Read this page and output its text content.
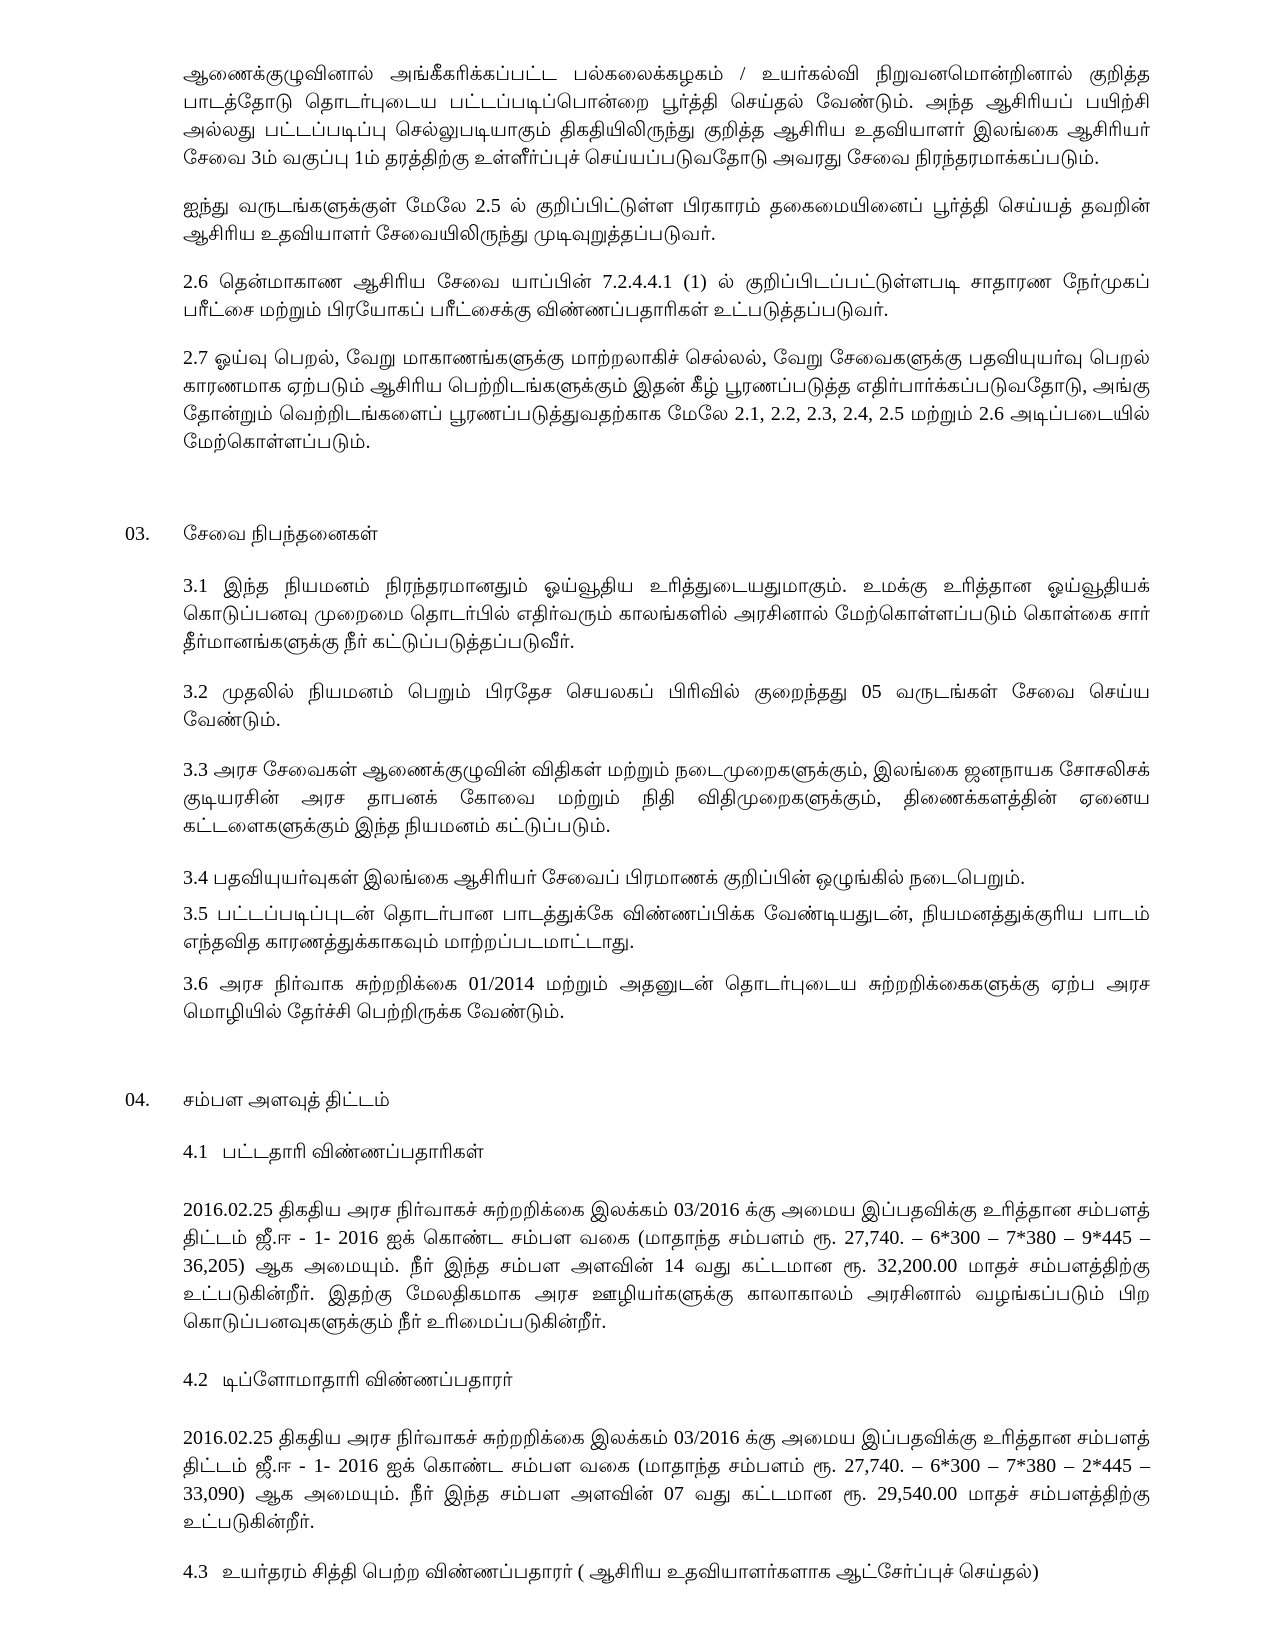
ஆணைக்குழுவினால் அங்கீகரிக்கப்பட்ட பல்கலைக்கழகம் / உயர்கல்வி நிறுவனமொன்றினால் குறித்த பாடத்தோடு தொடர்புடைய பட்டப்படிப்பொன்றை பூர்த்தி செய்தல் வேண்டும். அந்த ஆசிரியப் பயிற்சி அல்லது பட்டப்படிப்பு செல்லுபடியாகும் திகதியிலிருந்து குறித்த ஆசிரிய உதவியாளர் இலங்கை ஆசிரியர் சேவை 3ம் வகுப்பு 1ம் தரத்திற்கு உள்ளீர்ப்புச் செய்யப்படுவதோடு அவரது சேவை நிரந்தரமாக்கப்படும்.

ஐந்து வருடங்களுக்குள் மேலே 2.5 ல் குறிப்பிட்டுள்ள பிரகாரம் தகைமையினைப் பூர்த்தி செய்யத் தவறின் ஆசிரிய உதவியாளர் சேவையிலிருந்து முடிவுறுத்தப்படுவர்.

2.6 தென்மாகாண ஆசிரிய சேவை யாப்பின் 7.2.4.4.1 (1) ல் குறிப்பிடப்பட்டுள்ளபடி சாதாரண நேர்முகப் பரீட்சை மற்றும் பிரயோகப் பரீட்சைக்கு விண்ணப்பதாரிகள் உட்படுத்தப்படுவர்.

2.7 ஓய்வு பெறல், வேறு மாகாணங்களுக்கு மாற்றலாகிச் செல்லல், வேறு சேவைகளுக்கு பதவியுயர்வு பெறல் காரணமாக ஏற்படும் ஆசிரிய பெற்றிடங்களுக்கும் இதன் கீழ் பூரணப்படுத்த எதிர்பார்க்கப்படுவதோடு, அங்கு தோன்றும் வெற்றிடங்களைப் பூரணப்படுத்துவதற்காக மேலே 2.1, 2.2, 2.3, 2.4, 2.5 மற்றும் 2.6 அடிப்படையில் மேற்கொள்ளப்படும்.

03. சேவை நிபந்தனைகள்

3.1 இந்த நியமனம் நிரந்தரமானதும் ஓய்வூதிய உரித்துடையதுமாகும். உமக்கு உரித்தான ஓய்வூதியக் கொடுப்பனவு முறைமை தொடர்பில் எதிர்வரும் காலங்களில் அரசினால் மேற்கொள்ளப்படும் கொள்கை சார் தீர்மானங்களுக்கு நீர் கட்டுப்படுத்தப்படுவீர்.

3.2 முதலில் நியமனம் பெறும் பிரதேச செயலகப் பிரிவில் குறைந்தது 05 வருடங்கள் சேவை செய்ய வேண்டும்.

3.3 அரச சேவைகள் ஆணைக்குழுவின் விதிகள் மற்றும் நடைமுறைகளுக்கும், இலங்கை ஜனநாயக சோசலிசக் குடியரசின் அரச தாபனக் கோவை மற்றும் நிதி விதிமுறைகளுக்கும், திணைக்களத்தின் ஏனைய கட்டளைகளுக்கும் இந்த நியமனம் கட்டுப்படும்.

3.4 பதவியுயர்வுகள் இலங்கை ஆசிரியர் சேவைப் பிரமாணக் குறிப்பின் ஒழுங்கில் நடைபெறும்.

3.5 பட்டப்படிப்புடன் தொடர்பான பாடத்துக்கே விண்ணப்பிக்க வேண்டியதுடன், நியமனத்துக்குரிய பாடம் எந்தவித காரணத்துக்காகவும் மாற்றப்படமாட்டாது.

3.6 அரச நிர்வாக சுற்றறிக்கை 01/2014 மற்றும் அதனுடன் தொடர்புடைய சுற்றறிக்கைகளுக்கு ஏற்ப அரச மொழியில் தேர்ச்சி பெற்றிருக்க வேண்டும்.

04. சம்பள அளவுத் திட்டம்
4.1 பட்டதாரி விண்ணப்பதாரிகள்

2016.02.25 திகதிய அரச நிர்வாகச் சுற்றறிக்கை இலக்கம் 03/2016 க்கு அமைய இப்பதவிக்கு உரித்தான சம்பளத் திட்டம் ஜீ.ஈ - 1- 2016 ஐக் கொண்ட சம்பள வகை (மாதாந்த சம்பளம் ரூ. 27,740. – 6*300 – 7*380 – 9*445 –36,205) ஆக அமையும். நீர் இந்த சம்பள அளவின் 14 வது கட்டமான ரூ. 32,200.00 மாதச் சம்பளத்திற்கு உட்படுகின்றீர். இதற்கு மேலதிகமாக அரச ஊழியர்களுக்கு காலாகாலம் அரசினால் வழங்கப்படும் பிற கொடுப்பனவுகளுக்கும் நீர் உரிமைப்படுகின்றீர்.

4.2 டிப்ளோமாதாரி விண்ணப்பதாரர்

2016.02.25 திகதிய அரச நிர்வாகச் சுற்றறிக்கை இலக்கம் 03/2016 க்கு அமைய இப்பதவிக்கு உரித்தான சம்பளத் திட்டம் ஜீ.ஈ - 1- 2016 ஐக் கொண்ட சம்பள வகை (மாதாந்த சம்பளம் ரூ. 27,740. – 6*300 – 7*380 – 2*445 –33,090) ஆக அமையும். நீர் இந்த சம்பள அளவின் 07 வது கட்டமான ரூ. 29,540.00 மாதச் சம்பளத்திற்கு உட்படுகின்றீர்.

4.3 உயர்தரம் சித்தி பெற்ற விண்ணப்பதாரர் ( ஆசிரிய உதவியாளர்களாக ஆட்சேர்ப்புச் செய்தல்)
